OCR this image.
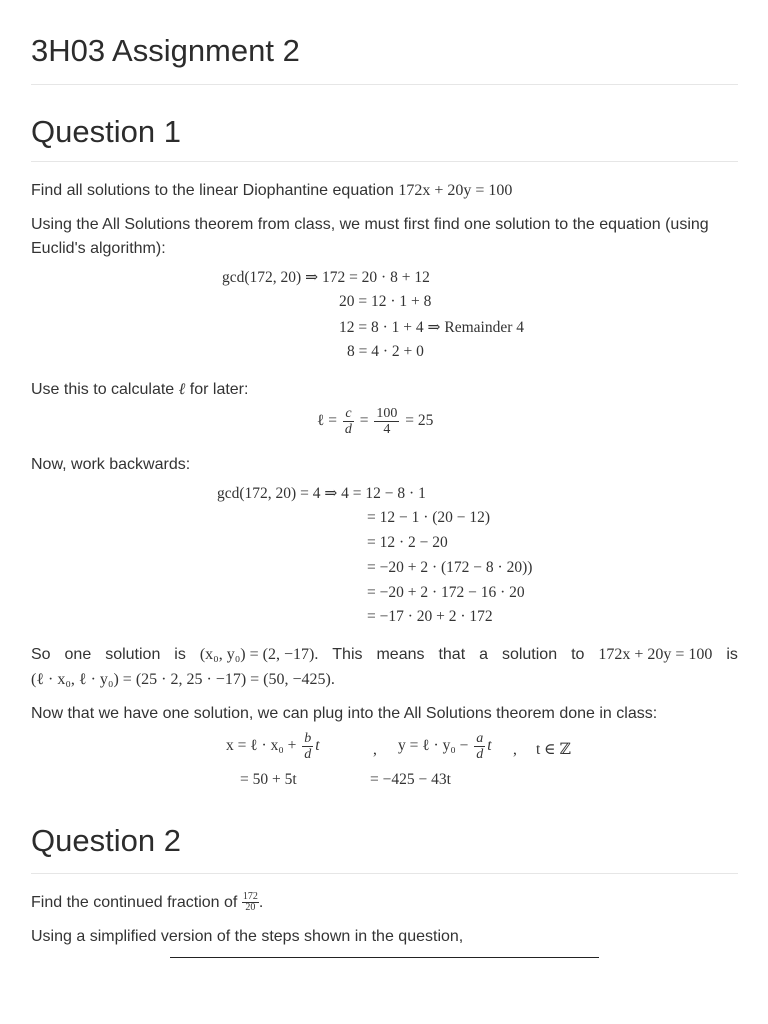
3H03 Assignment 2
Question 1
Find all solutions to the linear Diophantine equation 172x + 20y = 100
Using the All Solutions theorem from class, we must first find one solution to the equation (using Euclid's algorithm):
gcd(172, 20) ⇒ 172 = 20 · 8 + 12
20 = 12 · 1 + 8
12 = 8 · 1 + 4 ⇒ Remainder 4
8 = 4 · 2 + 0
Use this to calculate ℓ for later:
ℓ = $\frac{c}{d} = \frac{100}{4} = 25$
Now, work backwards:
gcd(172, 20) = 4 ⇒ 4 = 12 − 8 · 1
= 12 − 1 · (20 − 12)
= 12 · 2 − 20
= −20 + 2 · (172 − 8 · 20))
= −20 + 2 · 172 − 16 · 20
= −17 · 20 + 2 · 172
So one solution is (x₀, y₀) = (2, −17). This means that a solution to 172x + 20y = 100 is
(ℓ · x₀, ℓ · y₀) = (25 · 2, 25 · −17) = (50, −425).
Now that we have one solution, we can plug into the All Solutions theorem done in class:
x = ℓ · $x_0 + \frac{b}{d}$ t	, y = ℓ · $y_0 - \frac{a}{d}$ t , t ∈ ℤ
= 50 + 5t	= −425 − 43t
Question 2
Find the continued fraction of $\frac{172}{20}$ .
Using a simplified version of the steps shown in the question,
